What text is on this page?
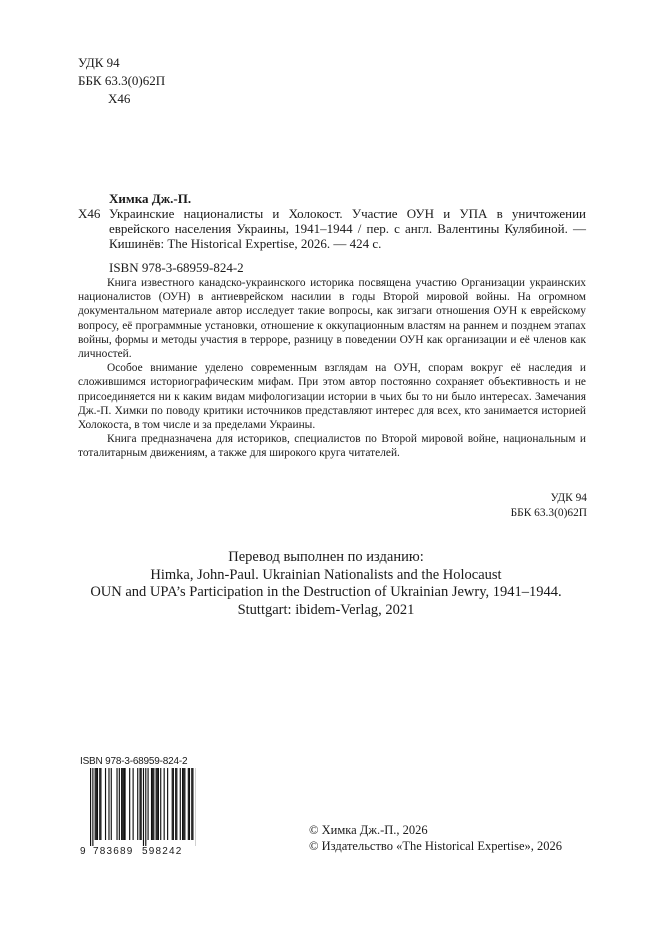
УДК 94
ББК 63.3(0)62П
Х46
Химка Дж.-П.
Х46 Украинские националисты и Холокост. Участие ОУН и УПА в уничтожении еврейского населения Украины, 1941–1944 / пер. с англ. Валентины Кулябиной. — Кишинёв: The Historical Expertise, 2026. — 424 с.
ISBN 978-3-68959-824-2

Книга известного канадско-украинского историка посвящена участию Организации украинских националистов (ОУН) в антиеврейском насилии в годы Второй мировой войны. На огромном документальном материале автор исследует такие вопросы, как зигзаги отношения ОУН к еврейскому вопросу, её программные установки, отношение к оккупационным властям на раннем и позднем этапах войны, формы и методы участия в терроре, разницу в поведении ОУН как организации и её членов как личностей.

Особое внимание уделено современным взглядам на ОУН, спорам вокруг её наследия и сложившимся историографическим мифам. При этом автор постоянно сохраняет объективность и не присоединяется ни к каким видам мифологизации истории в чьих бы то ни было интересах. Замечания Дж.-П. Химки по поводу критики источников представляют интерес для всех, кто занимается историей Холокоста, в том числе и за пределами Украины.

Книга предназначена для историков, специалистов по Второй мировой войне, национальным и тоталитарным движениям, а также для широкого круга читателей.

УДК 94
ББК 63.3(0)62П
Перевод выполнен по изданию:
Himka, John-Paul. Ukrainian Nationalists and the Holocaust
OUN and UPA’s Participation in the Destruction of Ukrainian Jewry, 1941–1944.
Stuttgart: ibidem-Verlag, 2021
ISBN 978-3-68959-824-2
9 783689 598242
© Химка Дж.-П., 2026
© Издательство «The Historical Expertise», 2026
